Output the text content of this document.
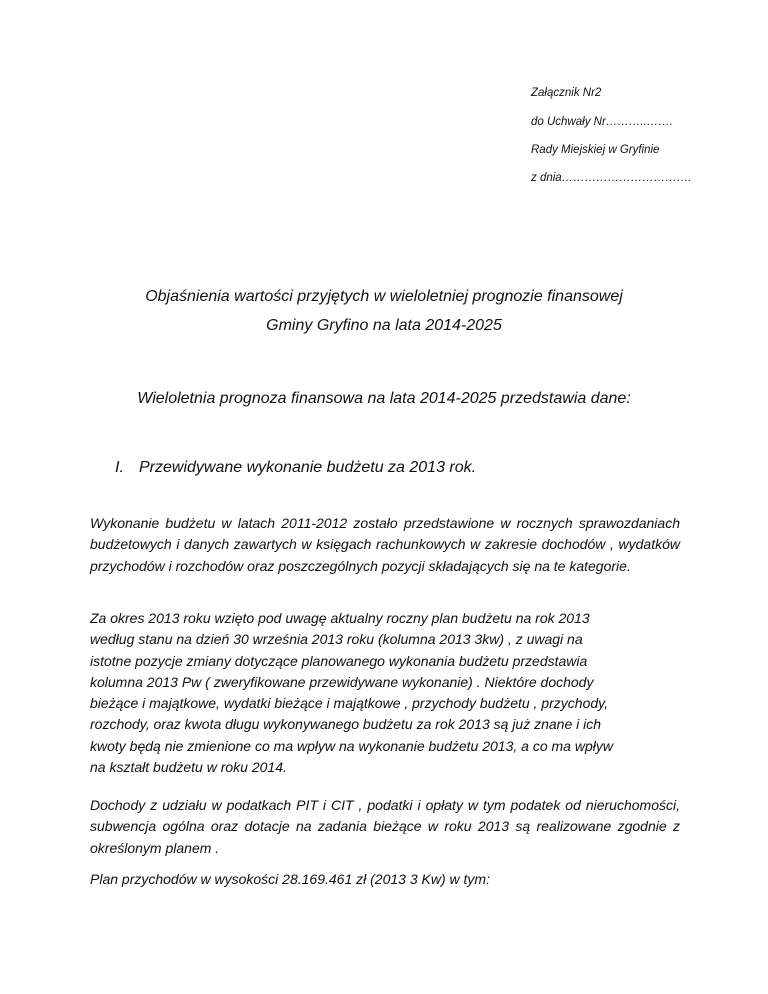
Załącznik Nr2
do Uchwały Nr………..…….
Rady Miejskiej w Gryfinie
z dnia…………………………….
Objaśnienia wartości przyjętych w wieloletniej prognozie finansowej
Gminy Gryfino na lata 2014-2025
Wieloletnia prognoza finansowa na lata 2014-2025 przedstawia dane:
I. Przewidywane wykonanie budżetu za 2013 rok.

Wykonanie budżetu w latach 2011-2012 zostało przedstawione w rocznych sprawozdaniach budżetowych i danych zawartych w księgach rachunkowych w zakresie dochodów , wydatków przychodów i rozchodów oraz poszczególnych pozycji składających się na te kategorie.

Za okres 2013 roku wzięto pod uwagę aktualny roczny plan budżetu na rok 2013
według stanu na dzień 30 września 2013 roku (kolumna 2013 3kw) , z uwagi na
istotne pozycje zmiany dotyczące planowanego wykonania budżetu przedstawia
kolumna 2013 Pw ( zweryfikowane przewidywane wykonanie) . Niektóre dochody
bieżące i majątkowe, wydatki bieżące i majątkowe , przychody budżetu , przychody,
rozchody, oraz kwota długu wykonywanego budżetu za rok 2013 są już znane i ich
kwoty będą nie zmienione co ma wpływ na wykonanie budżetu 2013, a co ma wpływ
na kształt budżetu w roku 2014.

Dochody z udziału w podatkach PIT i CIT , podatki i opłaty w tym podatek od nieruchomości, subwencja ogólna oraz dotacje na zadania bieżące w roku 2013 są realizowane zgodnie z określonym planem .

Plan przychodów w wysokości 28.169.461 zł (2013 3 Kw) w tym:
